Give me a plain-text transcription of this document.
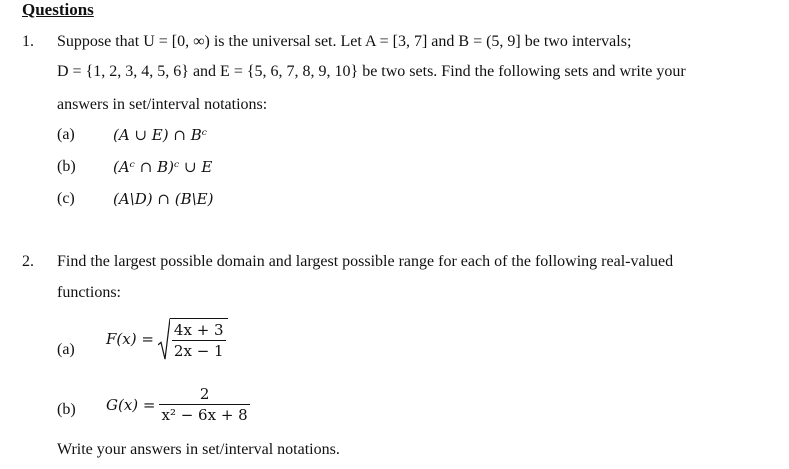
Questions
1. Suppose that U = [0, ∞) is the universal set. Let A = [3, 7] and B = (5, 9] be two intervals;
D = {1, 2, 3, 4, 5, 6} and E = {5, 6, 7, 8, 9, 10} be two sets. Find the following sets and write your
answers in set/interval notations:
(a)	(A ∪ E) ∩ Bᶜ
(b) (Aᶜ ∩ B)ᶜ ∪ E
(c)	(A\D) ∩ (B\E)
2. Find the largest possible domain and largest possible range for each of the following real-valued
functions:
(a)
$F(x) = \frac{4x + 3}{2x - 1}$
(b) $G(x) = \frac{2}{\text{x² − 6x + 8}}$
Write your answers in set/interval notations.
